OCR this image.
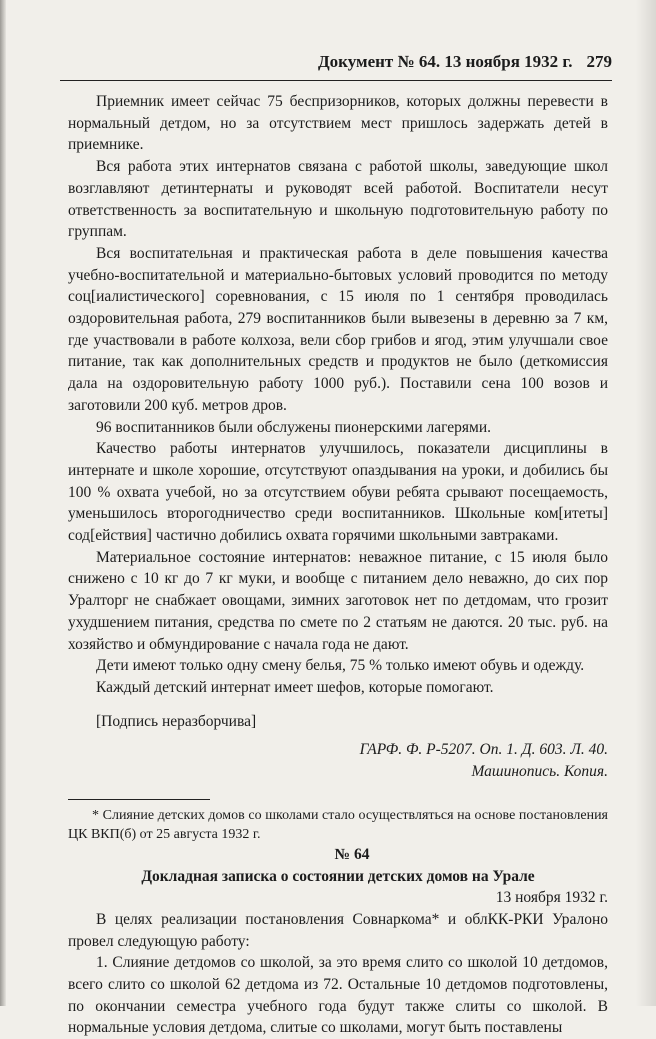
Документ № 64. 13 ноября 1932 г. 279

Приемник имеет сейчас 75 беспризорников, которых должны перевести в нормальный детдом, но за отсутствием мест пришлось задержать детей в приемнике.

Вся работа этих интернатов связана с работой школы, заведующие школ возглавляют детинтернаты и руководят всей работой. Воспитатели несут ответственность за воспитательную и школьную подготовительную работу по группам.

Вся воспитательная и практическая работа в деле повышения качества учебно-воспитательной и материально-бытовых условий проводится по методу соц[иалистического] соревнования, с 15 июля по 1 сентября проводилась оздоровительная работа, 279 воспитанников были вывезены в деревню за 7 км, где участвовали в работе колхоза, вели сбор грибов и ягод, этим улучшали свое питание, так как дополнительных средств и продуктов не было (деткомиссия дала на оздоровительную работу 1000 руб.). Поставили сена 100 возов и заготовили 200 куб. метров дров.

96 воспитанников были обслужены пионерскими лагерями.

Качество работы интернатов улучшилось, показатели дисциплины в интернате и школе хорошие, отсутствуют опаздывания на уроки, и добились бы 100 % охвата учебой, но за отсутствием обуви ребята срывают посещаемость, уменьшилось второгодничество среди воспитанников. Школьные ком[итеты] сод[ействия] частично добились охвата горячими школьными завтраками.

Материальное состояние интернатов: неважное питание, с 15 июля было снижено с 10 кг до 7 кг муки, и вообще с питанием дело неважно, до сих пор Уралторг не снабжает овощами, зимних заготовок нет по детдомам, что грозит ухудшением питания, средства по смете по 2 статьям не даются. 20 тыс. руб. на хозяйство и обмундирование с начала года не дают.

Дети имеют только одну смену белья, 75 % только имеют обувь и одежду.

Каждый детский интернат имеет шефов, которые помогают.

[Подпись неразборчива]

ГАРФ. Ф. Р-5207. Оп. 1. Д. 603. Л. 40.

Машинопись. Копия.

* Слияние детских домов со школами стало осуществляться на основе постановления ЦК ВКП(б) от 25 августа 1932 г.

№ 64

Докладная записка о состоянии детских домов на Урале

13 ноября 1932 г.

В целях реализации постановления Совнаркома* и облКК-РКИ Уралоно провел следующую работу:

1. Слияние детдомов со школой, за это время слито со школой 10 детдомов, всего слито со школой 62 детдома из 72. Остальные 10 детдомов подготовлены, по окончании семестра учебного года будут также слиты со школой. В нормальные условия детдома, слитые со школами, могут быть поставлены
